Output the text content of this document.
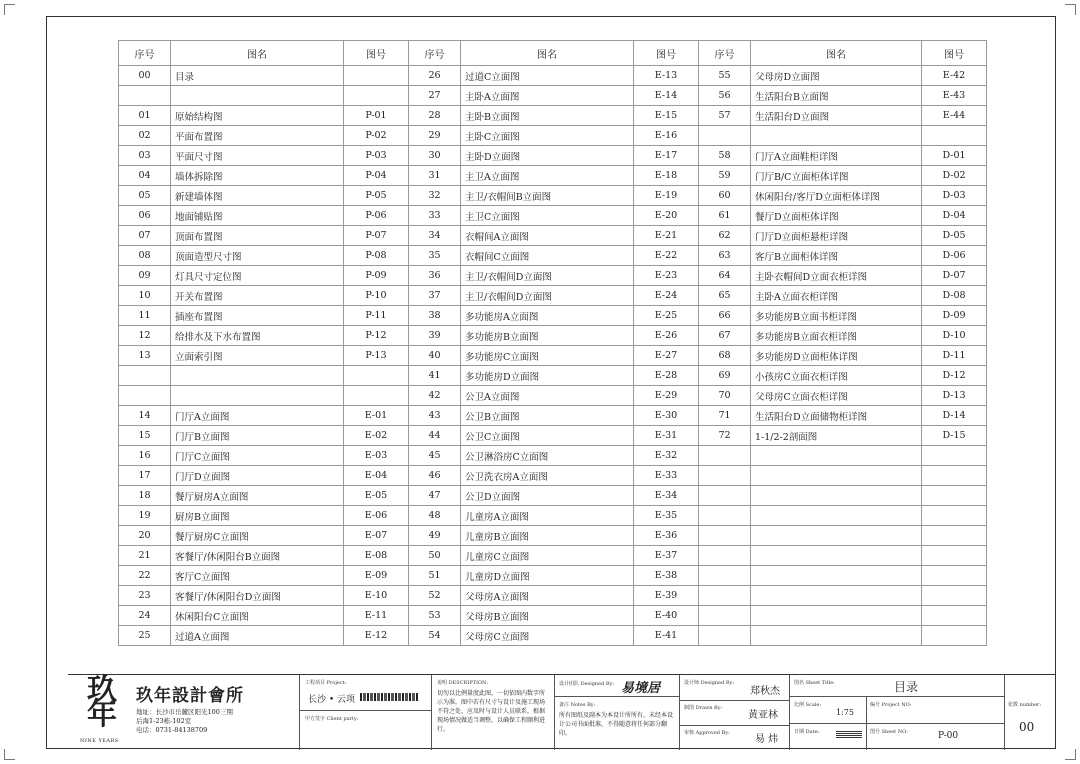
序号	图名	图号	序号	图名	图号	序号	图名	图号
00	目录		26	过道C立面图	E-13	55	父母房D立面图	E-42
			27	主卧A立面图	E-14	56	生活阳台B立面图	E-43
01	原始结构图	P-01	28	主卧B立面图	E-15	57	生活阳台D立面图	E-44
02	平面布置图	P-02	29	主卧C立面图	E-16			
03	平面尺寸图	P-03	30	主卧D立面图	E-17	58	门厅A立面鞋柜详图	D-01
04	墙体拆除图	P-04	31	主卫A立面图	E-18	59	门厅B/C立面柜体详图	D-02
05	新建墙体图	P-05	32	主卫/衣帽间B立面图	E-19	60	休闲阳台/客厅D立面柜体详图	D-03
06	地面铺贴图	P-06	33	主卫C立面图	E-20	61	餐厅D立面柜体详图	D-04
07	顶面布置图	P-07	34	衣帽间A立面图	E-21	62	门厅D立面柜悬柜详图	D-05
08	顶面造型尺寸图	P-08	35	衣帽间C立面图	E-22	63	客厅B立面柜体详图	D-06
09	灯具尺寸定位图	P-09	36	主卫/衣帽间D立面图	E-23	64	主卧衣帽间D立面衣柜详图	D-07
10	开关布置图	P-10	37	主卫/衣帽间D立面图	E-24	65	主卧A立面衣柜详图	D-08
11	插座布置图	P-11	38	多功能房A立面图	E-25	66	多功能房B立面书柜详图	D-09
12	给排水及下水布置图	P-12	39	多功能房B立面图	E-26	67	多功能房B立面衣柜详图	D-10
13	立面索引图	P-13	40	多功能房C立面图	E-27	68	多功能房D立面柜体详图	D-11
			41	多功能房D立面图	E-28	69	小孩房C立面衣柜详图	D-12
			42	公卫A立面图	E-29	70	父母房C立面衣柜详图	D-13
14	门厅A立面图	E-01	43	公卫B立面图	E-30	71	生活阳台D立面储物柜详图	D-14
15	门厅B立面图	E-02	44	公卫C立面图	E-31	72	1-1/2-2剖面图	D-15
16	门厅C立面图	E-03	45	公卫淋浴房C立面图	E-32			
17	门厅D立面图	E-04	46	公卫洗衣房A立面图	E-33			
18	餐厅厨房A立面图	E-05	47	公卫D立面图	E-34			
19	厨房B立面图	E-06	48	儿童房A立面图	E-35			
20	餐厅厨房C立面图	E-07	49	儿童房B立面图	E-36			
21	客餐厅/休闲阳台B立面图	E-08	50	儿童房C立面图	E-37			
22	客厅C立面图	E-09	51	儿童房D立面图	E-38			
23	客餐厅/休闲阳台D立面图	E-10	52	父母房A立面图	E-39			
24	休闲阳台C立面图	E-11	53	父母房B立面图	E-40			
25	过道A立面图	E-12	54	父母房C立面图	E-41			
玖年
NINE YEARS
玖年設計會所
地址：长沙市岳麓区阳光100三期
后海1-23栋-102室
电话：0731-84138709
工程项目 Project:
长沙 • 云项
甲方签字 Client party:
说明 DESCRIPTION:
切勿以比例量度此图，一切依图内数字所示为准。图中若有尺寸与设计及施工现场不符之处，应及时与设计人员联系，根据现场情况做适当调整，以确保工程顺利进行。
设计团队 Designed By: 易境居
备注 Notes By:
所有图纸及副本为本设计所所有，未经本设计公司书面批准，不得随意将任何部分翻印。
设计师 Designed By:
郑秋杰
制图 Drawn By:
黄亚林
审核 Approved By:
易 炜
图名 Sheet Title:	目录
比例 Scale:
1:75
编号 Project NO:
日期 Date:	图号 Sheet NO:	P-00
张数 number:
00
